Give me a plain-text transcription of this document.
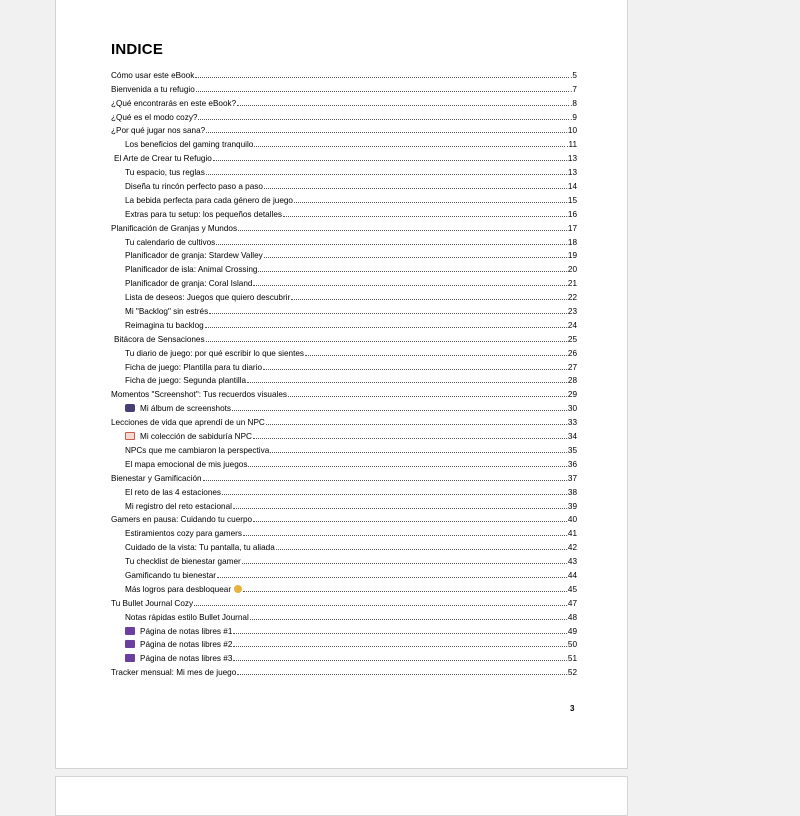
INDICE
Cómo usar este eBook	.5
Bienvenida a tu refugio	.7
¿Qué encontrarás en este eBook?	.8
¿Qué es el modo cozy?	.9
¿Por qué jugar nos sana?	.10
Los beneficios del gaming tranquilo	.11
El Arte de Crear tu Refugio	.13
Tu espacio, tus reglas	.13
Diseña tu rincón perfecto paso a paso	.14
La bebida perfecta para cada género de juego	.15
Extras para tu setup: los pequeños detalles	.16
Planificación de Granjas y Mundos	.17
Tu calendario de cultivos	.18
Planificador de granja: Stardew Valley	.19
Planificador de isla: Animal Crossing	.20
Planificador de granja: Coral Island	.21
Lista de deseos: Juegos que quiero descubrir	.22
Mi "Backlog" sin estrés	.23
Reimagina tu backlog	.24
Bitácora de Sensaciones	.25
Tu diario de juego: por qué escribir lo que sientes	.26
Ficha de juego: Plantilla para tu diario	.27
Ficha de juego: Segunda plantilla	.28
Momentos "Screenshot": Tus recuerdos visuales	.29
Mi álbum de screenshots	.30
Lecciones de vida que aprendí de un NPC	.33
Mi colección de sabiduría NPC	.34
NPCs que me cambiaron la perspectiva	.35
El mapa emocional de mis juegos	.36
Bienestar y Gamificación	.37
El reto de las 4 estaciones	.38
Mi registro del reto estacional	.39
Gamers en pausa: Cuidando tu cuerpo	.40
Estiramientos cozy para gamers	.41
Cuidado de la vista: Tu pantalla, tu aliada	.42
Tu checklist de bienestar gamer	.43
Gamificando tu bienestar	.44
Más logros para desbloquear	.45
Tu Bullet Journal Cozy	.47
Notas rápidas estilo Bullet Journal	.48
Página de notas libres #1	.49
Página de notas libres #2	.50
Página de notas libres #3	.51
Tracker mensual: Mi mes de juego	.52
3
